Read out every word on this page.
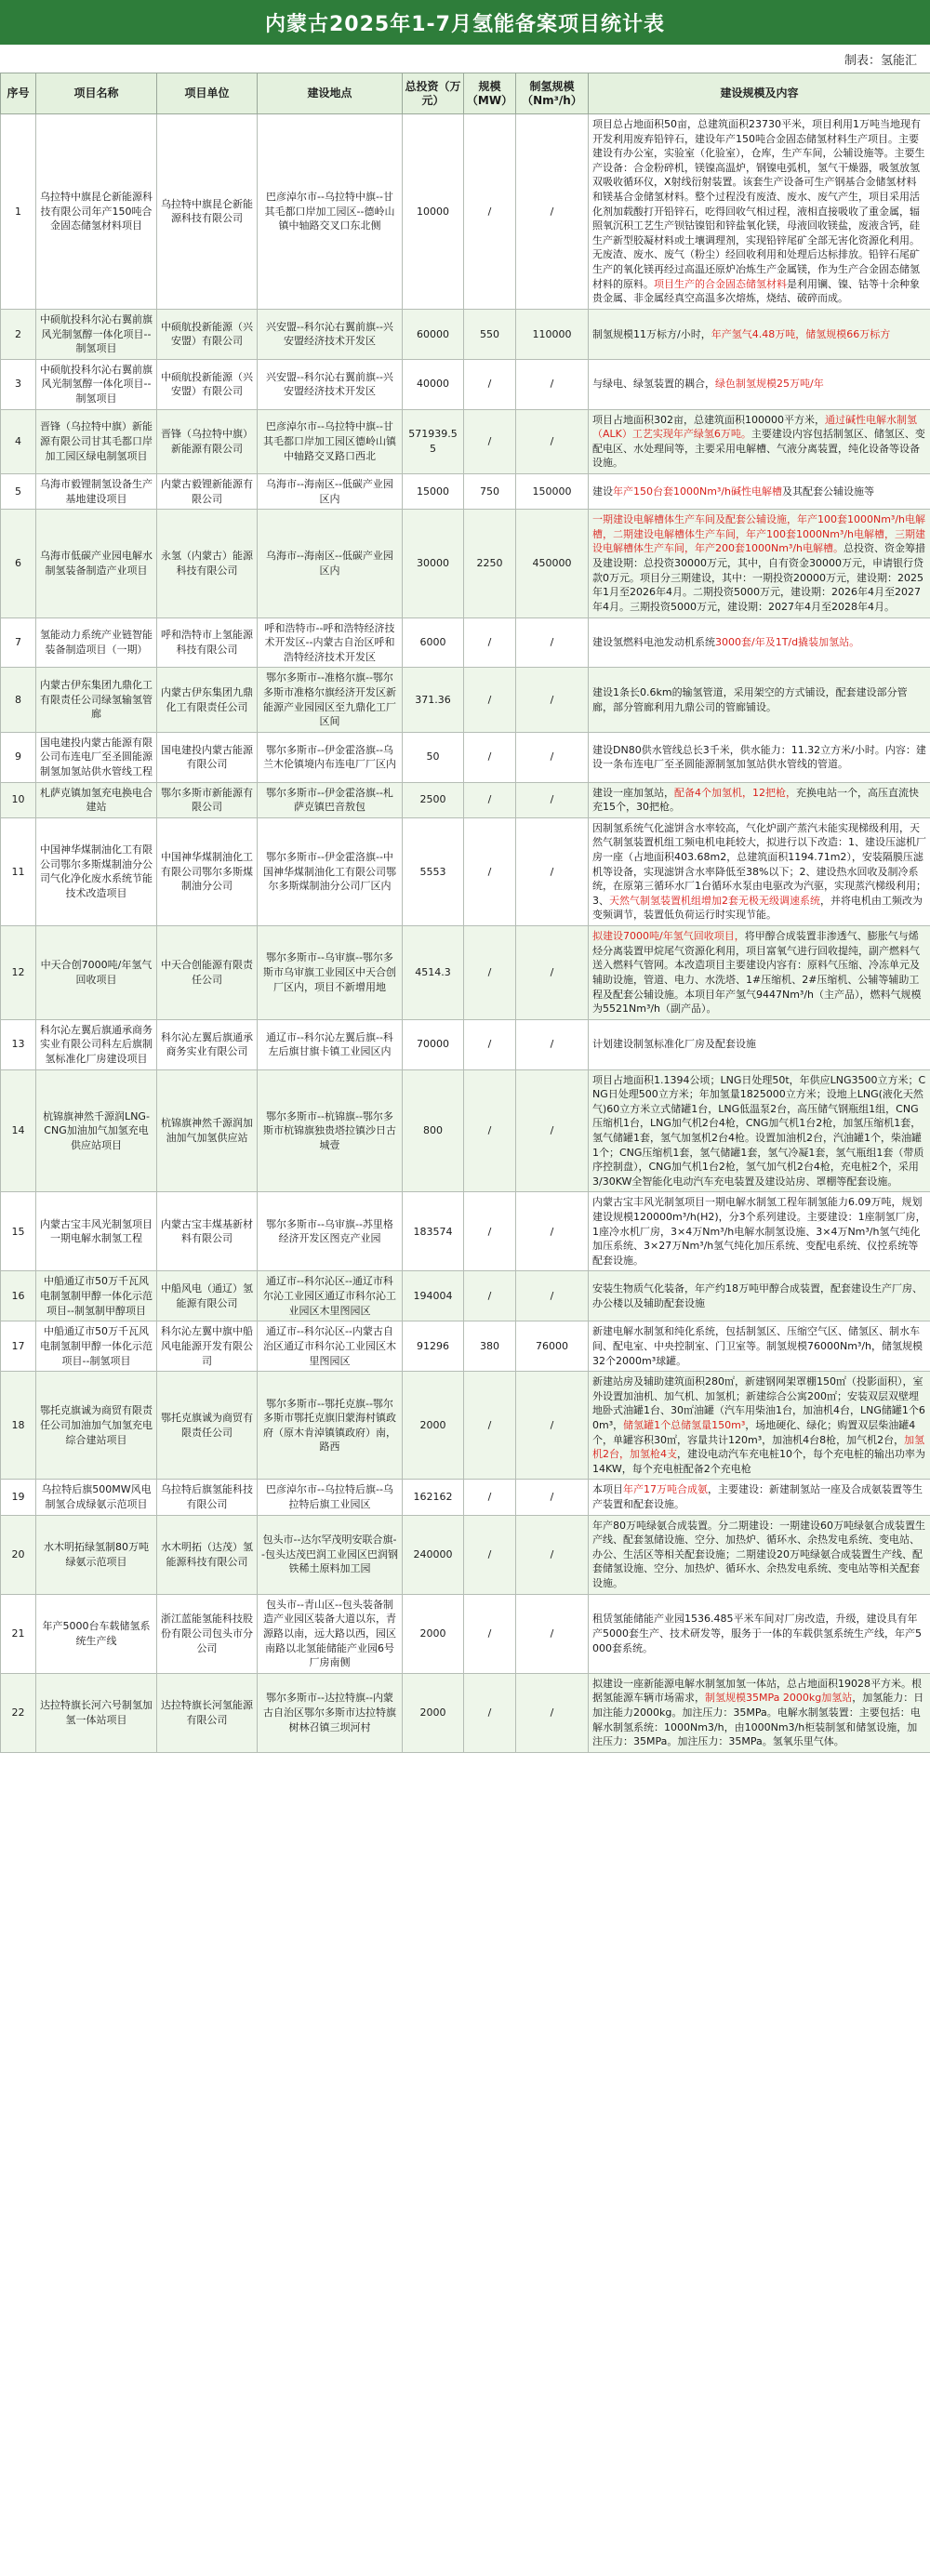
内蒙古2025年1-7月氢能备案项目统计表
制表：氢能汇
序号	项目名称	项目单位	建设地点	总投资（万元）	规模（MW）	制氢规模（Nm³/h）	建设规模及内容
1	乌拉特中旗昆仑新能源科技有限公司年产150吨合金固态储氢材料项目	乌拉特中旗昆仑新能源科技有限公司	巴彦淖尔市--乌拉特中旗--甘其毛都口岸加工园区--德岭山镇中轴路交叉口东北侧	10000	/	/	项目总占地面积50亩，总建筑面积23730平米，项目利用1万吨当地现有开发利用废弃铅锌石，建设年产150吨合金固态储氢材料生产项目。主要建设有办公室，实验室（化验室），仓库，生产车间，公辅设施等。主要生产设备：合金粉碎机，镁镍高温炉，钢镍电弧机，氢气干燥器，吸氢放氢双吸收循环仪，X射线衍射装置。该套生产设备可生产钢基合金储氢材料和镁基合金储氢材料。整个过程没有废渣、废水、废气产生，项目采用活化剂加载酸打开铅锌石，吃得回收气相过程，液相直接吸收了重金属，辐照氧沉积工艺生产钡钴镍铝和锌盐氧化镁，母液回收镁盐，废液含钙，硅生产新型胶凝材料或土壤调理剂，实现铅锌尾矿全部无害化资源化利用。无废渣、废水、废气（粉尘）经回收利用和处理后达标排放。铅锌石尾矿生产的氧化镁再经过高温还原炉冶炼生产金属镁，作为生产合金固态储氢材料的原料。项目生产的合金固态储氢材料是利用镧、镍、钴等十余种象贵金属、非金属经真空高温多次熔炼，烧结、破碎而成。
2	中硕航投科尔沁右翼前旗风光制氢醇一体化项目--制氢项目	中硕航投新能源（兴安盟）有限公司	兴安盟--科尔沁右翼前旗--兴安盟经济技术开发区	60000	550	110000	制氢规模11万标方/小时，年产氢气4.48万吨，储氢规模66万标方
3	中硕航投科尔沁右翼前旗风光制氢醇一体化项目--制氢项目	中硕航投新能源（兴安盟）有限公司	兴安盟--科尔沁右翼前旗--兴安盟经济技术开发区	40000	/	/	与绿电、绿氢装置的耦合，绿色制氢规模25万吨/年
4	晋锋（乌拉特中旗）新能源有限公司甘其毛都口岸加工园区绿电制氢项目	晋锋（乌拉特中旗）新能源有限公司	巴彦淖尔市--乌拉特中旗--甘其毛都口岸加工园区德岭山镇中轴路交叉路口西北	571939.55	/	/	项目占地面积302亩，总建筑面积100000平方米，通过碱性电解水制氢（ALK）工艺实现年产绿氢6万吨。主要建设内容包括制氢区、储氢区、变配电区、水处理间等，主要采用电解槽、气液分离装置，纯化设备等设备设施。
5	乌海市毅锂制氢设备生产基地建设项目	内蒙古毅锂新能源有限公司	乌海市--海南区--低碳产业园区内	15000	750	150000	建设年产150台套1000Nm³/h碱性电解槽及其配套公辅设施等
6	乌海市低碳产业园电解水制氢装备制造产业项目	永氢（内蒙古）能源科技有限公司	乌海市--海南区--低碳产业园区内	30000	2250	450000	一期建设电解槽体生产车间及配套公辅设施，年产100套1000Nm³/h电解槽，二期建设电解槽体生产车间，年产100套1000Nm³/h电解槽，三期建设电解槽体生产车间，年产200套1000Nm³/h电解槽。总投资、资金筹措及建设期：总投资30000万元，其中，自有资金30000万元，申请银行贷款0万元。项目分三期建设，其中：一期投资20000万元，建设期：2025年1月至2026年4月。二期投资5000万元，建设期：2026年4月至2027年4月。三期投资5000万元，建设期：2027年4月至2028年4月。
7	氢能动力系统产业链智能装备制造项目（一期）	呼和浩特市上氢能源科技有限公司	呼和浩特市--呼和浩特经济技术开发区--内蒙古自治区呼和浩特经济技术开发区	6000	/	/	建设氢燃料电池发动机系统3000套/年及1T/d撬装加氢站。
8	内蒙古伊东集团九鼎化工有限责任公司绿氢输氢管廊	内蒙古伊东集团九鼎化工有限责任公司	鄂尔多斯市--准格尔旗--鄂尔多斯市准格尔旗经济开发区新能源产业园园区至九鼎化工厂区间	371.36	/	/	建设1条长0.6km的输氢管道，采用架空的方式铺设，配套建设部分管廊，部分管廊利用九鼎公司的管廊铺设。
9	国电建投内蒙古能源有限公司布连电厂至圣圆能源制氢加氢站供水管线工程	国电建投内蒙古能源有限公司	鄂尔多斯市--伊金霍洛旗--乌兰木伦镇境内布连电厂厂区内	50	/	/	建设DN80供水管线总长3千米，供水能力：11.32立方米/小时。内容：建设一条布连电厂至圣圆能源制氢加氢站供水管线的管道。
10	札萨克镇加氢充电换电合建站	鄂尔多斯市新能源有限公司	鄂尔多斯市--伊金霍洛旗--札萨克镇巴音敖包	2500	/	/	建设一座加氢站，配备4个加氢机，12把枪，充换电站一个，高压直流快充15个，30把枪。
11	中国神华煤制油化工有限公司鄂尔多斯煤制油分公司气化净化废水系统节能技术改造项目	中国神华煤制油化工有限公司鄂尔多斯煤制油分公司	鄂尔多斯市--伊金霍洛旗--中国神华煤制油化工有限公司鄂尔多斯煤制油分公司厂区内	5553	/	/	因制氢系统气化滤饼含水率较高，气化炉副产蒸汽未能实现梯级利用，天然气制氢装置机组工频电机电耗较大，拟进行以下改造：1、建设压滤机厂房一座（占地面积403.68m2，总建筑面积1194.71m2），安装隔膜压滤机等设备，实现滤饼含水率降低至38%以下；2、建设热水回收及制冷系统，在原第三循环水厂1台循环水泵由电驱改为汽驱，实现蒸汽梯级利用；3、天然气制氢装置机组增加2套无极无级调速系统，并将电机由工频改为变频调节，装置低负荷运行时实现节能。
12	中天合创7000吨/年氢气回收项目	中天合创能源有限责任公司	鄂尔多斯市--乌审旗--鄂尔多斯市乌审旗工业园区中天合创厂区内，项目不新增用地	4514.3	/	/	拟建设7000吨/年氢气回收项目，将甲醇合成装置非渗透气、膨胀气与烯烃分离装置甲烷尾气资源化利用，项目富氧气进行回收提纯，副产燃料气送入燃料气管网。本改造项目主要建设内容有：原料气压缩、冷冻单元及辅助设施，管道、电力、水洗塔、1#压缩机、2#压缩机、公辅等辅助工程及配套公辅设施。本项目年产氢气9447Nm³/h（主产品），燃料气规模为5521Nm³/h（副产品）。
13	科尔沁左翼后旗通承商务实业有限公司科左后旗制氢标准化厂房建设项目	科尔沁左翼后旗通承商务实业有限公司	通辽市--科尔沁左翼后旗--科左后旗甘旗卡镇工业园区内	70000	/	/	计划建设制氢标准化厂房及配套设施
14	杭锦旗神然千源润LNG-CNG加油加气加氢充电供应站项目	杭锦旗神然千源润加油加气加氢供应站	鄂尔多斯市--杭锦旗--鄂尔多斯市杭锦旗独贵塔拉镇沙日古城壹	800	/	/	项目占地面积1.1394公顷；LNG日处理50t，年供应LNG3500立方米；CNG日处理500立方米；年加氢量1825000立方米；设地上LNG(液化天然气)60立方米立式储罐1台，LNG低温泵2台，高压储气钢瓶组1组，CNG压缩机1台，LNG加气机2台4枪，CNG加气机1台2枪，加氢压缩机1套，氢气储罐1套，氢气加氢机2台4枪。设置加油机2台，汽油罐1个，柴油罐1个；CNG压缩机1套，氢气储罐1套，氢气冷凝1套，氢气瓶组1套（带质序控制盘），CNG加气机1台2枪，氢气加气机2台4枪，充电桩2个，采用3/30KW全智能化电动汽车充电装置及建设站房、罩棚等配套设施。
15	内蒙古宝丰风光制氢项目一期电解水制氢工程	内蒙古宝丰煤基新材料有限公司	鄂尔多斯市--乌审旗--苏里格经济开发区图克产业园	183574	/	/	内蒙古宝丰风光制氢项目一期电解水制氢工程年制氢能力6.09万吨，规划建设规模120000m³/h(H2)，分3个系列建设。主要建设：1座制氢厂房，1座冷水机厂房，3×4万Nm³/h电解水制氢设施、3×4万Nm³/h氢气纯化加压系统、3×27万Nm³/h氢气纯化加压系统、变配电系统、仪控系统等配套设施。
16	中船通辽市50万千瓦风电制氢制甲醇一体化示范项目--制氢制甲醇项目	中船风电（通辽）氢能源有限公司	通辽市--科尔沁区--通辽市科尔沁工业园区通辽市科尔沁工业园区木里图园区	194004	/	/	安装生物质气化装备，年产约18万吨甲醇合成装置，配套建设生产厂房、办公楼以及辅助配套设施
17	中船通辽市50万千瓦风电制氢制甲醇一体化示范项目--制氢项目	科尔沁左翼中旗中船风电能源开发有限公司	通辽市--科尔沁区--内蒙古自治区通辽市科尔沁工业园区木里图园区	91296	380	76000	新建电解水制氢和纯化系统，包括制氢区、压缩空气区、储氢区、制水车间、配电室、中央控制室、门卫室等。制氢规模76000Nm³/h，储氢规模32个2000m³球罐。
18	鄂托克旗诚为商贸有限责任公司加油加气加氢充电综合建站项目	鄂托克旗诚为商贸有限责任公司	鄂尔多斯市--鄂托克旗--鄂尔多斯市鄂托克旗旧蒙海村镇政府（原木肯淖镇镇政府）南，路西	2000	/	/	新建站房及辅助建筑面积280㎡，新建钢网架罩棚150㎡（投影面积），室外设置加油机、加气机、加氢机；新建综合公寓200㎡；安装双层双壁埋地卧式油罐1台、30㎡油罐（汽车用柴油1台，加油机4台，LNG储罐1个60m³，储氢罐1个总储氢量150m³，场地硬化、绿化；购置双层柴油罐4个，单罐容积30㎡，容量共计120m³，加油机4台8枪，加气机2台，加氢机2台，加氢枪4支，建设电动汽车充电桩10个，每个充电桩的输出功率为14KW，每个充电桩配备2个充电枪
19	乌拉特后旗500MW风电制氢合成绿氨示范项目	乌拉特后旗氢能科技有限公司	巴彦淖尔市--乌拉特后旗--乌拉特后旗工业园区	162162	/	/	本项目年产17万吨合成氨，主要建设：新建制氢站一座及合成氨装置等生产装置和配套设施。
20	水木明拓绿氢制80万吨绿氨示范项目	水木明拓（达茂）氢能源科技有限公司	包头市--达尔罕茂明安联合旗--包头达茂巴润工业园区巴润钢铁稀土原料加工园	240000	/	/	年产80万吨绿氨合成装置。分二期建设：一期建设60万吨绿氨合成装置生产线、配套氢储设施、空分、加热炉、循环水、余热发电系统、变电站、办公、生活区等相关配套设施；二期建设20万吨绿氨合成装置生产线、配套储氢设施、空分、加热炉、循环水、余热发电系统、变电站等相关配套设施。
21	年产5000台车载储氢系统生产线	浙江蓝能氢能科技股份有限公司包头市分公司	包头市--青山区--包头装备制造产业园区装备大道以东，青源路以南，远大路以西，园区南路以北氢能储能产业园6号厂房南侧	2000	/	/	租赁氢能储能产业园1536.485平米车间对厂房改造，升级，建设具有年产5000套生产、技术研发等，服务于一体的车载供氢系统生产线，年产5000套系统。
22	达拉特旗长河六号制氢加氢一体站项目	达拉特旗长河氢能源有限公司	鄂尔多斯市--达拉特旗--内蒙古自治区鄂尔多斯市达拉特旗树林召镇三坝河村	2000	/	/	拟建设一座新能源电解水制氢加氢一体站，总占地面积19028平方米。根据氢能源车辆市场需求，制氢规模35MPa 2000kg加氢站，加氢能力：日加注能力2000kg。加注压力：35MPa。电解水制氢装置：主要包括：电解水制氢系统：1000Nm3/h，由1000Nm3/h柜装制氢和储氢设施，加注压力：35MPa。加注压力：35MPa。氢氧乐里气体。
